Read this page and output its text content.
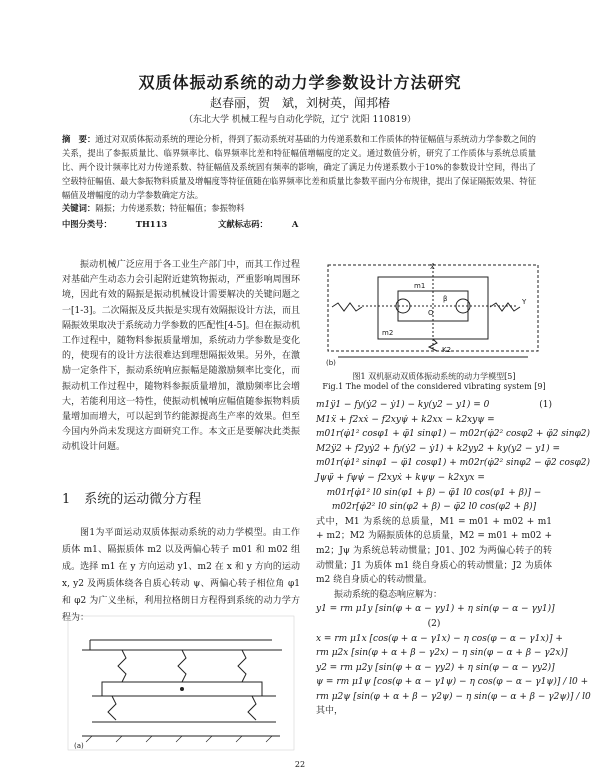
双质体振动系统的动力学参数设计方法研究
赵春丽，贺　斌，刘树英，闻邦椿
（东北大学 机械工程与自动化学院，辽宁 沈阳 110819）
摘　要：通过对双质体振动系统的理论分析，得到了振动系统对基础的力传递系数和工作质体的特征幅值与系统动力学参数之间的关系，提出了参振质量比、临界频率比、临界频率比差和特征幅值增幅度的定义。通过数值分析，研究了工作质体与系统总质量比、两个设计频率比对力传递系数、特征幅值及系统固有频率的影响，确定了满足力传递系数小于10%的参数设计空间，得出了空载特征幅值、最大参振物料质量及增幅度等特征值随在临界频率比差和质量比参数平面内分布规律，提出了保证隔振效果、特征幅值及增幅度的动力学参数确定方法。
关键词：隔振；力传递系数；特征幅值；参振物料
中图分类号：	TH113	文献标志码：	A

振动机械广泛应用于各工业生产部门中，而其工作过程对基础产生动态力会引起附近建筑物振动，严重影响周围环境，因此有效的隔振是振动机械设计需要解决的关键问题之一[1-3]。二次隔振及反共振是实现有效隔振设计方法，而且隔振效果取决于系统动力学参数的匹配性[4-5]。但在振动机工作过程中，随物料参振质量增加，系统动力学参数是变化的，使现有的设计方法很难达到理想隔振效果。另外，在激励一定条件下，振动系统响应振幅是随激励频率比变化，而振动机工作过程中，随物料参振质量增加，激励频率比会增大，若能利用这一特性，使振动机械响应幅值随参振物料质量增加而增大，可以起到节约能源提高生产率的效果。但至今国内外尚未发现这方面研究工作。本文正是要解决此类振动机设计问题。

1 系统的运动微分方程

图1为平面运动双质体振动系统的动力学模型。由工作质体 m1、隔振质体 m2 以及两偏心转子 m01 和 m02 组成。选择 m1 在 y 方向运动 y1、m2 在 x 和 y 方向的运动 x, y2 及两质体绕各自质心转动 ψ、两偏心转子相位角 φ1 和 φ2 为广义坐标，利用拉格朗日方程得到系统的动力学方程为：

(a)
X
Y
O
β
m1
m2
K2
(b)
图1 双机驱动双质体振动系统的动力学模型[5]
Fig.1 The model of the considered vibrating system [9]
m1ÿ1 − fy(ẏ2 − ẏ1) − ky(y2 − y1) = 0	(1)
M1ẍ + f2xẋ − f2xyψ̇ + k2xx − k2xyψ =
m01r(φ̇1² cosφ1 + φ̈1 sinφ1) − m02r(φ̇2² cosφ2 + φ̈2 sinφ2)
M2ÿ2 + f2yẏ2 + fy(ẏ2 − ẏ1) + k2yy2 + ky(y2 − y1) =
m01r(φ̇1² sinφ1 − φ̈1 cosφ1) + m02r(φ̇2² sinφ2 − φ̈2 cosφ2)
Jψψ̈ + fψψ̇ − f2xyẋ + kψψ − k2xyx =
m01r[φ̇1² l0 sin(φ1 + β) − φ̈1 l0 cos(φ1 + β)] −
m02r[φ̇2² l0 sin(φ2 + β) − φ̈2 l0 cos(φ2 + β)]

式中，M1 为系统的总质量，M1 = m01 + m02 + m1 + m2；M2 为隔振质体的总质量，M2 = m01 + m02 + m2；Jψ 为系统总转动惯量；J01、J02 为两偏心转子的转动惯量；J1 为质体 m1 绕自身质心的转动惯量；J2 为质体 m2 绕自身质心的转动惯量。

振动系统的稳态响应解为：

y1 = rm μ1y [sin(φ + α − γy1) + η sin(φ − α − γy1)]
(2)
x = rm μ1x [cos(φ + α − γ1x) − η cos(φ − α − γ1x)] +
rm μ2x [sin(φ + α + β − γ2x) − η sin(φ − α + β − γ2x)]
y2 = rm μ2y [sin(φ + α − γy2) + η sin(φ − α − γy2)]
ψ = rm μ1ψ [cos(φ + α − γ1ψ) − η cos(φ − α − γ1ψ)] / l0 +
rm μ2ψ [sin(φ + α + β − γ2ψ) − η sin(φ − α + β − γ2ψ)] / l0

其中，

22
